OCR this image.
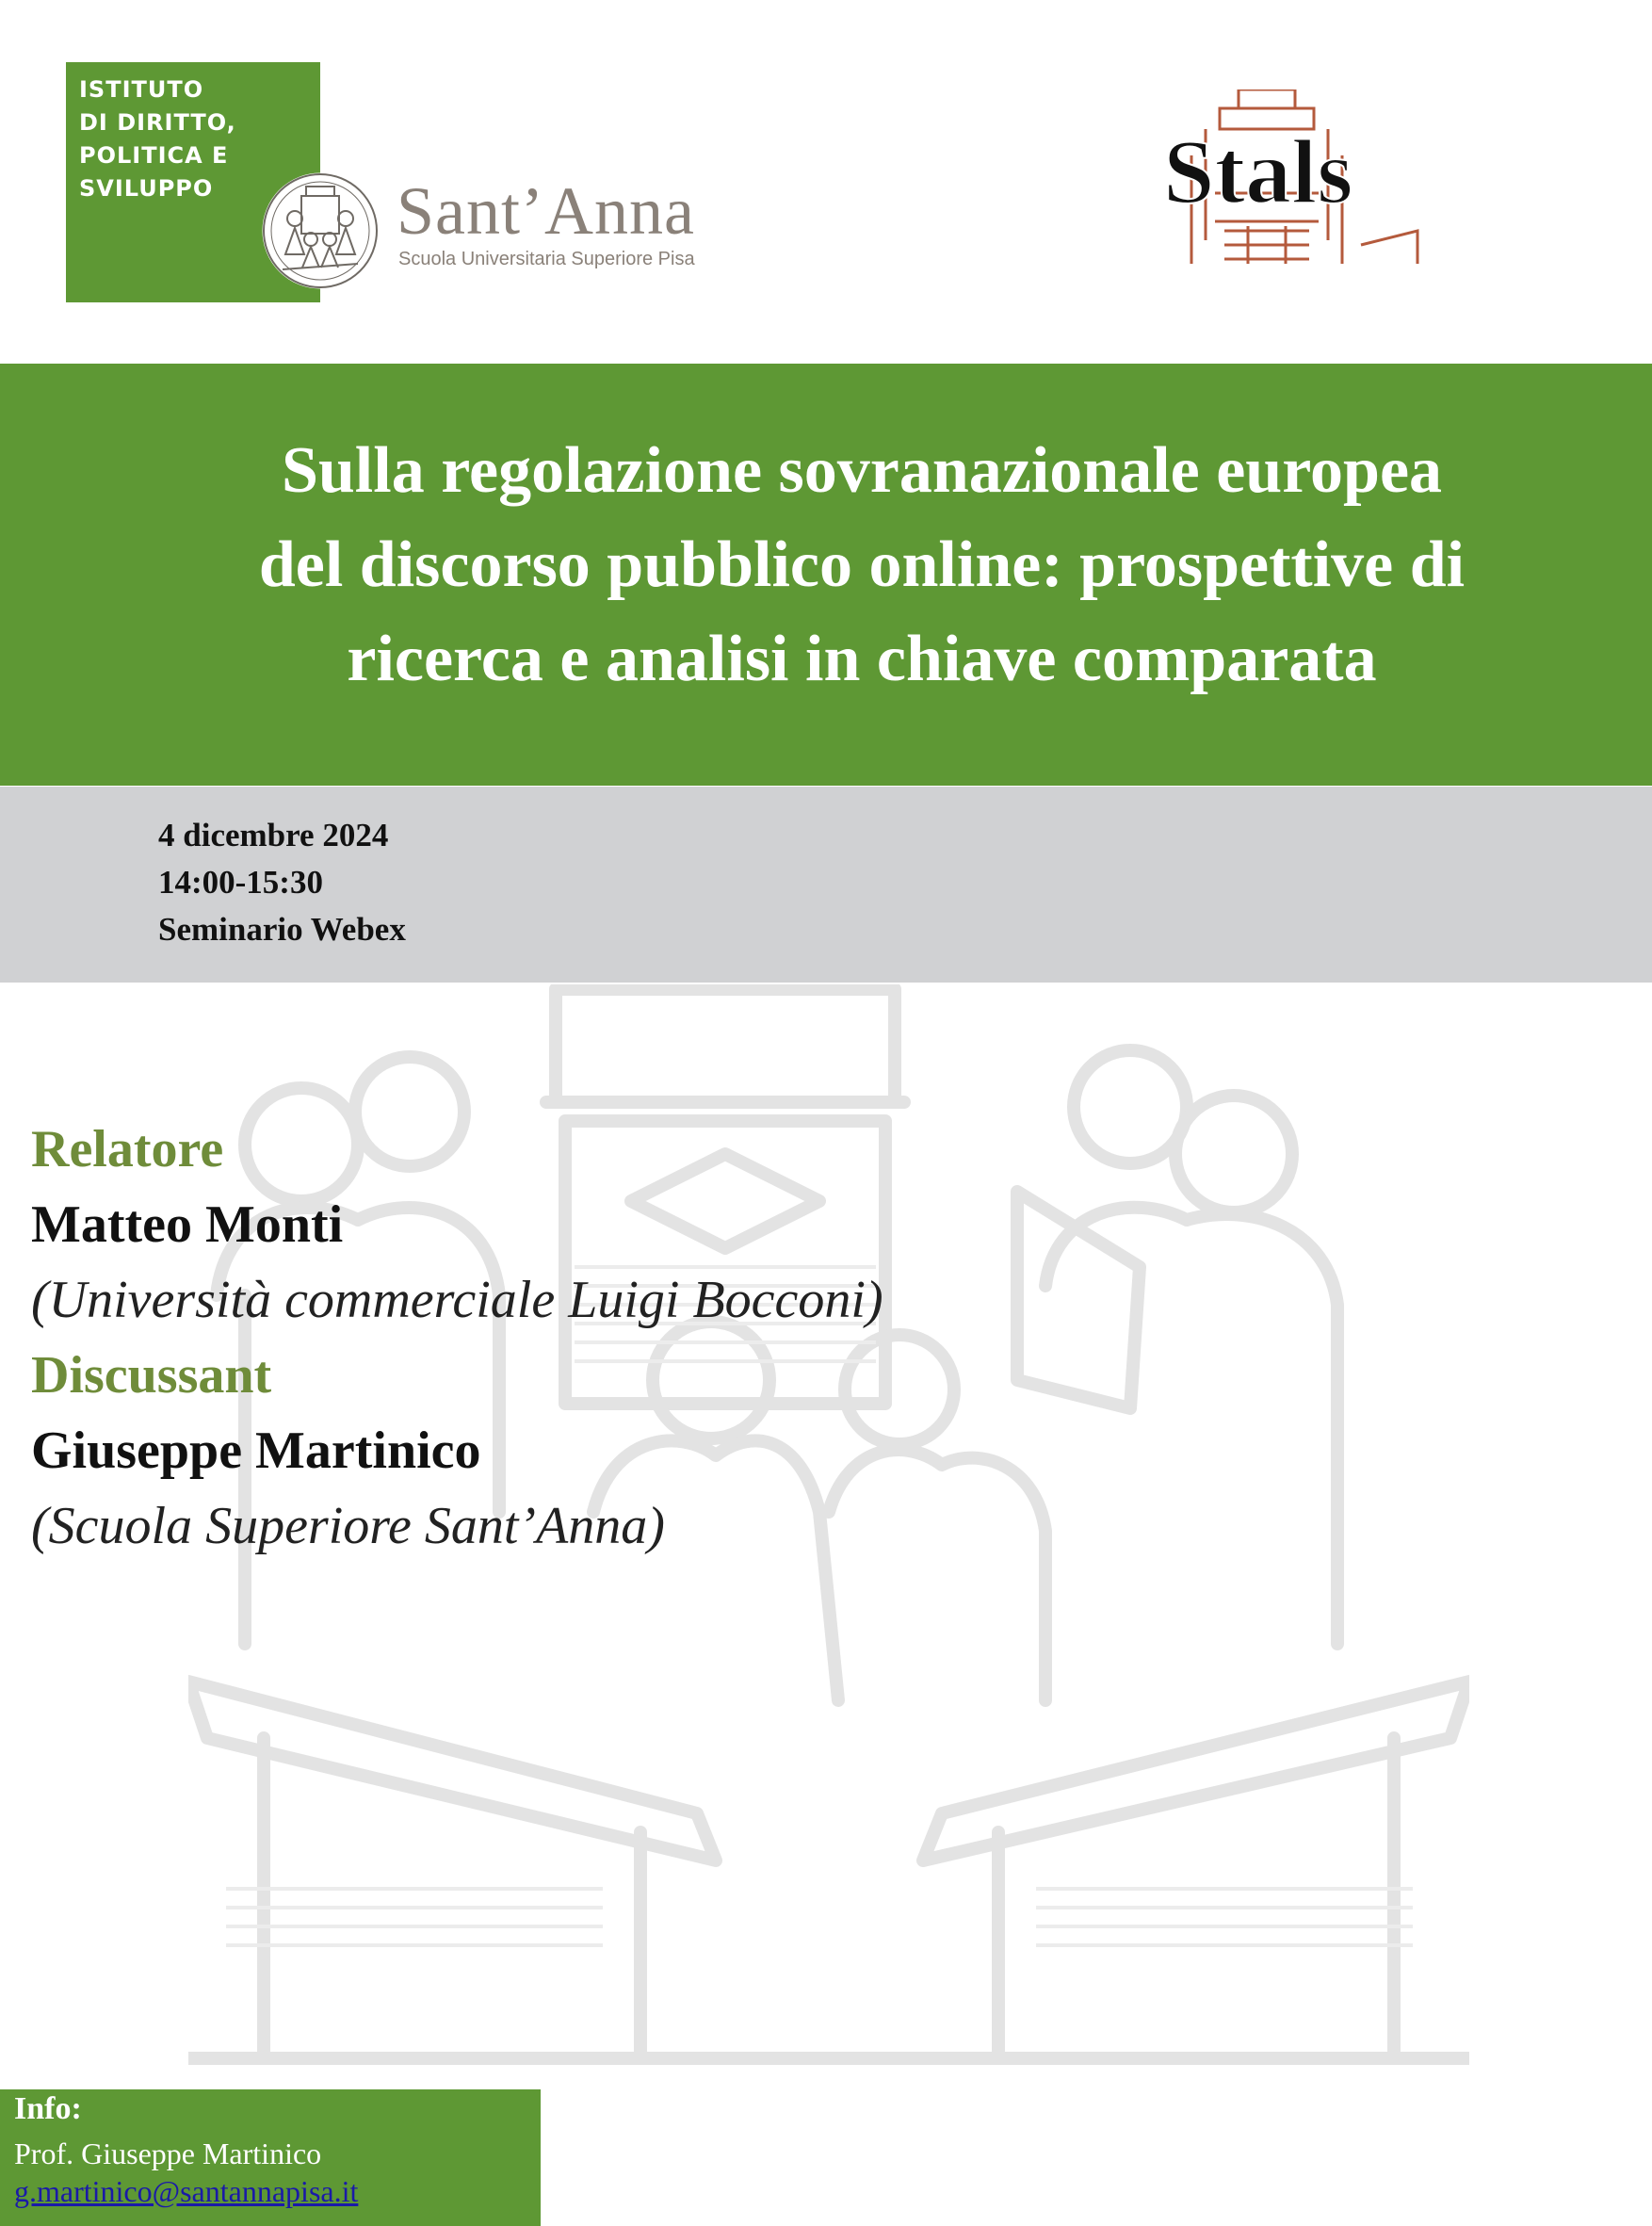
ISTITUTO
DI DIRITTO,
POLITICA E
SVILUPPO	Sant’Anna
Scuola Universitaria Superiore Pisa
Stals
Sulla regolazione sovranazionale europea
del discorso pubblico online: prospettive di
ricerca e analisi in chiave comparata
4 dicembre 2024
14:00-15:30
Seminario Webex
Relatore
Matteo Monti
(Università commerciale Luigi Bocconi)
Discussant
Giuseppe Martinico
(Scuola Superiore Sant’Anna)
Info:
Prof. Giuseppe Martinico
g.martinico@santannapisa.it
